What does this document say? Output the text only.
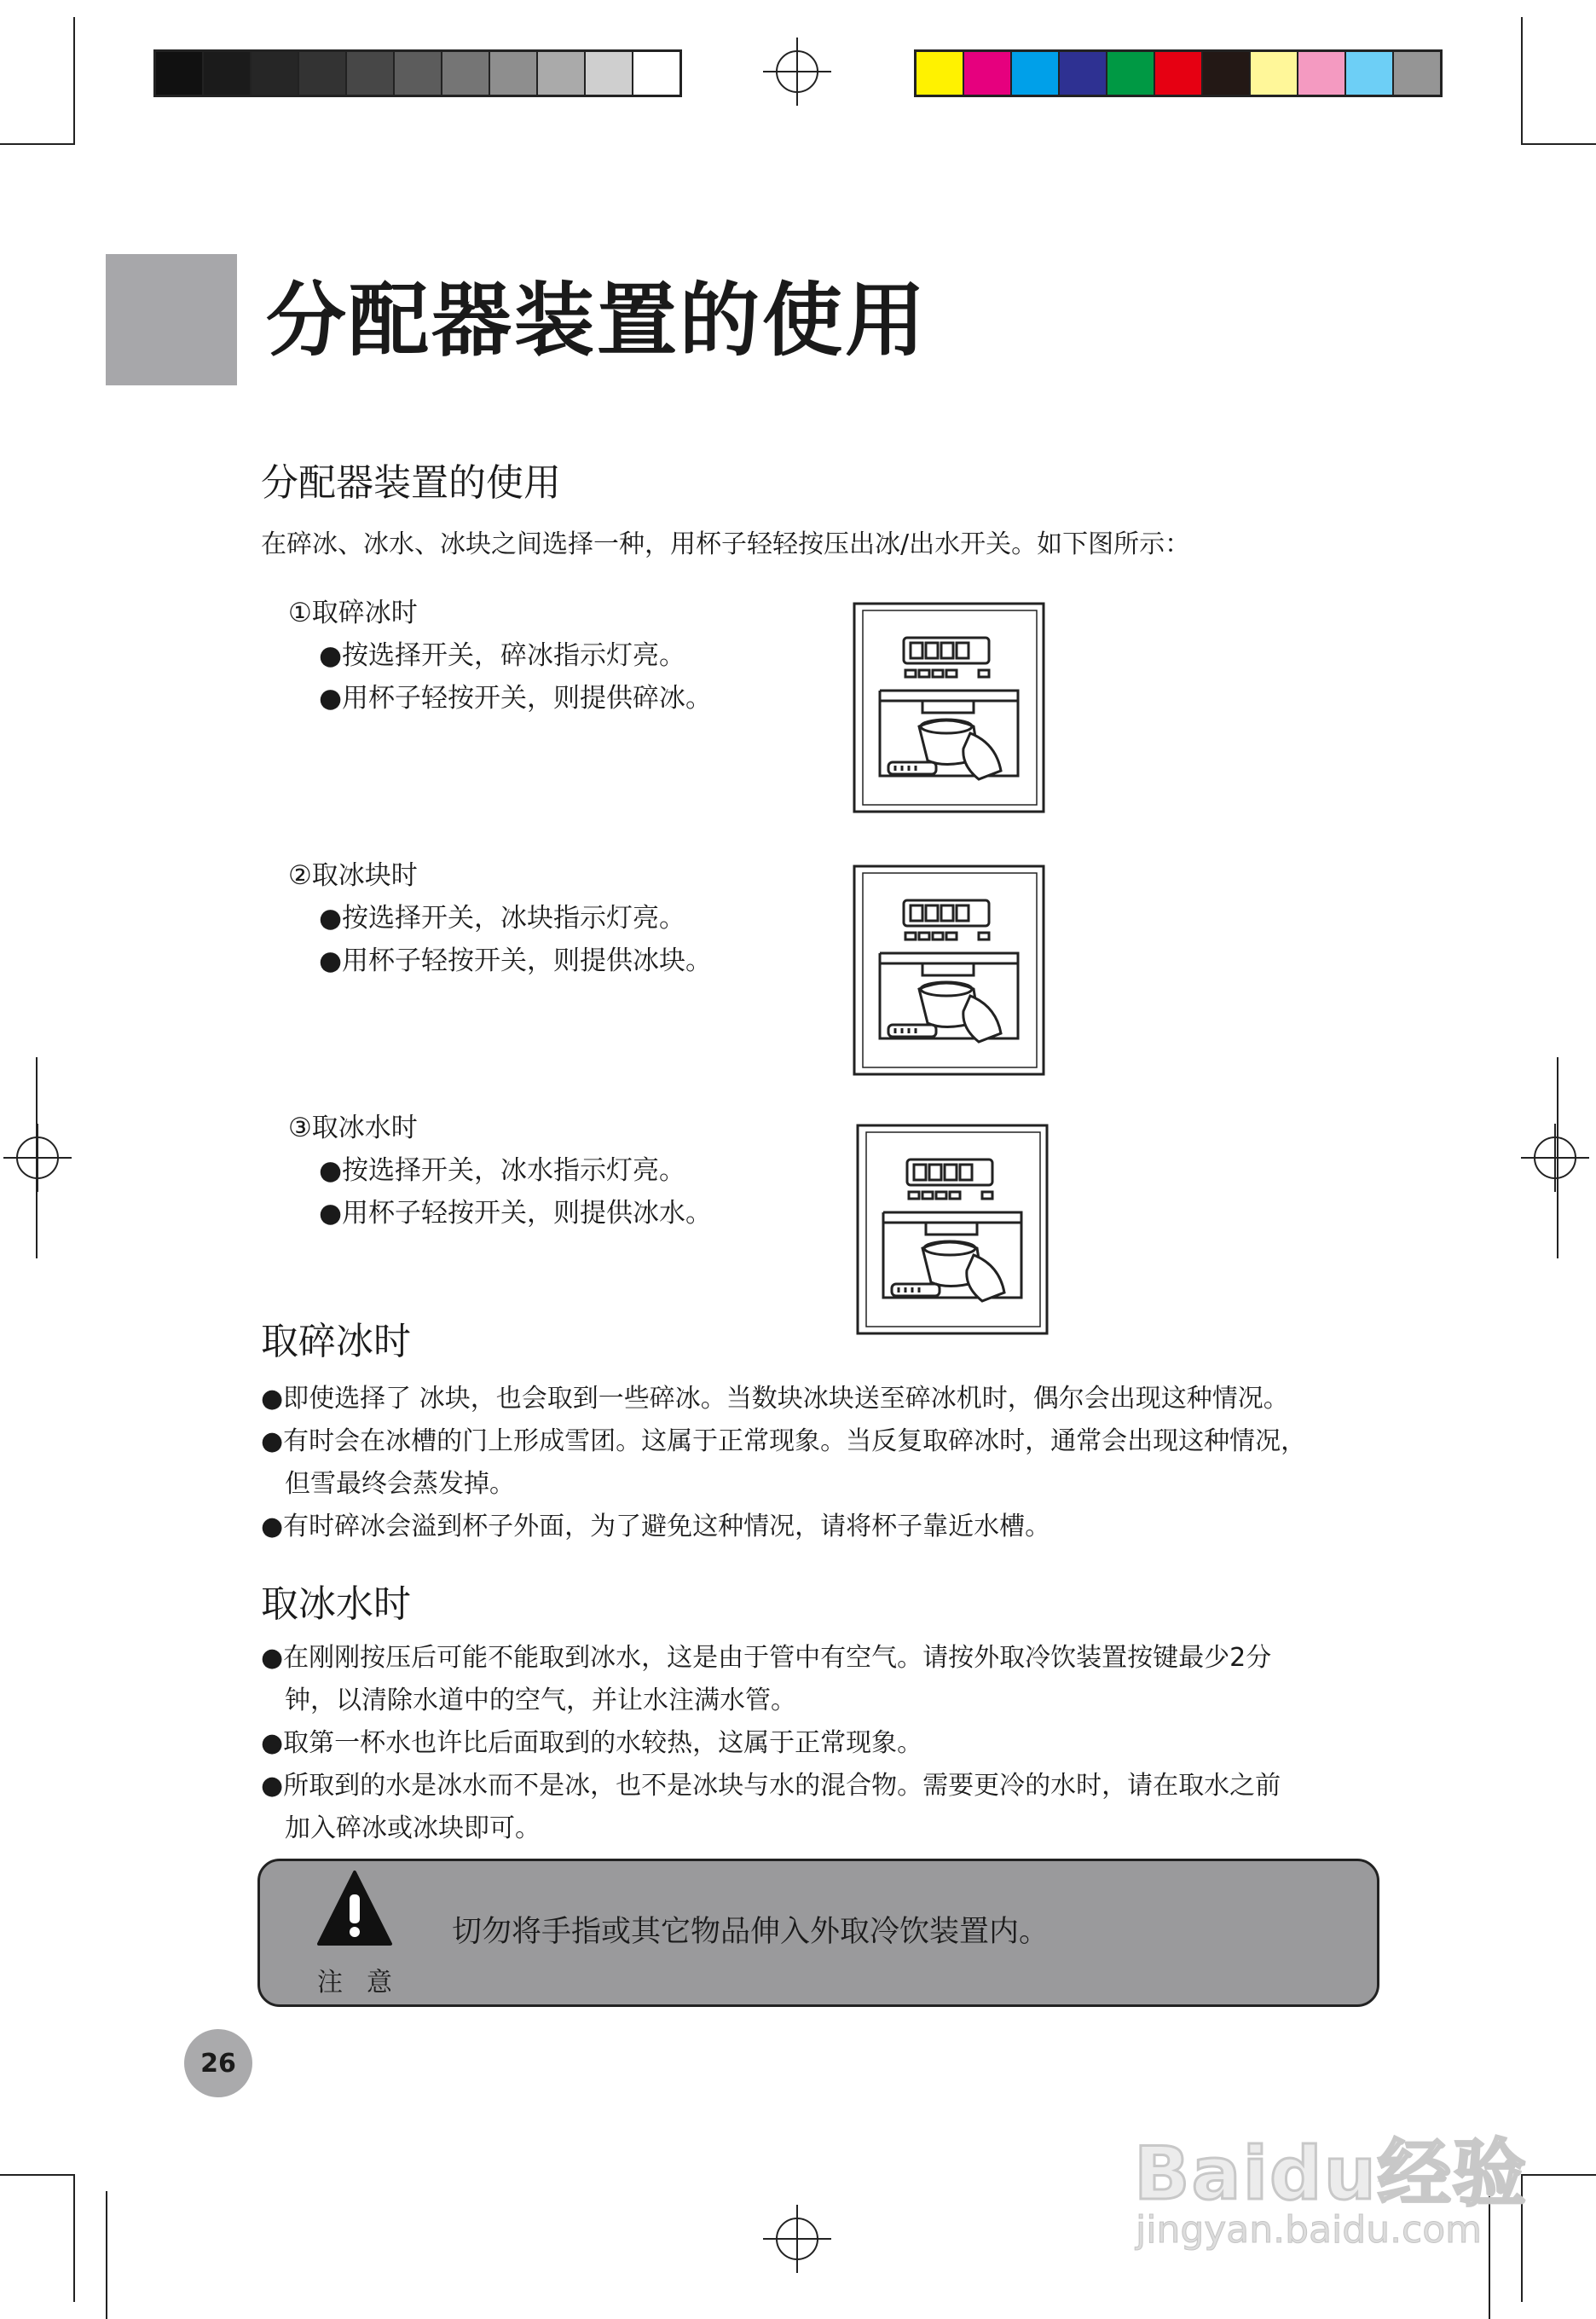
分配器装置的使用
分配器装置的使用
在碎冰、冰水、冰块之间选择一种，用杯子轻轻按压出冰/出水开关。如下图所示：
①取碎冰时
●按选择开关，碎冰指示灯亮。
●用杯子轻按开关，则提供碎冰。
②取冰块时
●按选择开关，冰块指示灯亮。
●用杯子轻按开关，则提供冰块。
③取冰水时
●按选择开关，冰水指示灯亮。
●用杯子轻按开关，则提供冰水。
取碎冰时
●即使选择了 冰块，也会取到一些碎冰。当数块冰块送至碎冰机时，偶尔会出现这种情况。
●有时会在冰槽的门上形成雪团。这属于正常现象。当反复取碎冰时，通常会出现这种情况，
但雪最终会蒸发掉。
●有时碎冰会溢到杯子外面，为了避免这种情况，请将杯子靠近水槽。
取冰水时
●在刚刚按压后可能不能取到冰水，这是由于管中有空气。请按外取冷饮装置按键最少2分
钟，以清除水道中的空气，并让水注满水管。
●取第一杯水也许比后面取到的水较热，这属于正常现象。
●所取到的水是冰水而不是冰，也不是冰块与水的混合物。需要更冷的水时，请在取水之前
加入碎冰或冰块即可。
注意
切勿将手指或其它物品伸入外取冷饮装置内。
26
Baidu经验
jingyan.baidu.com
